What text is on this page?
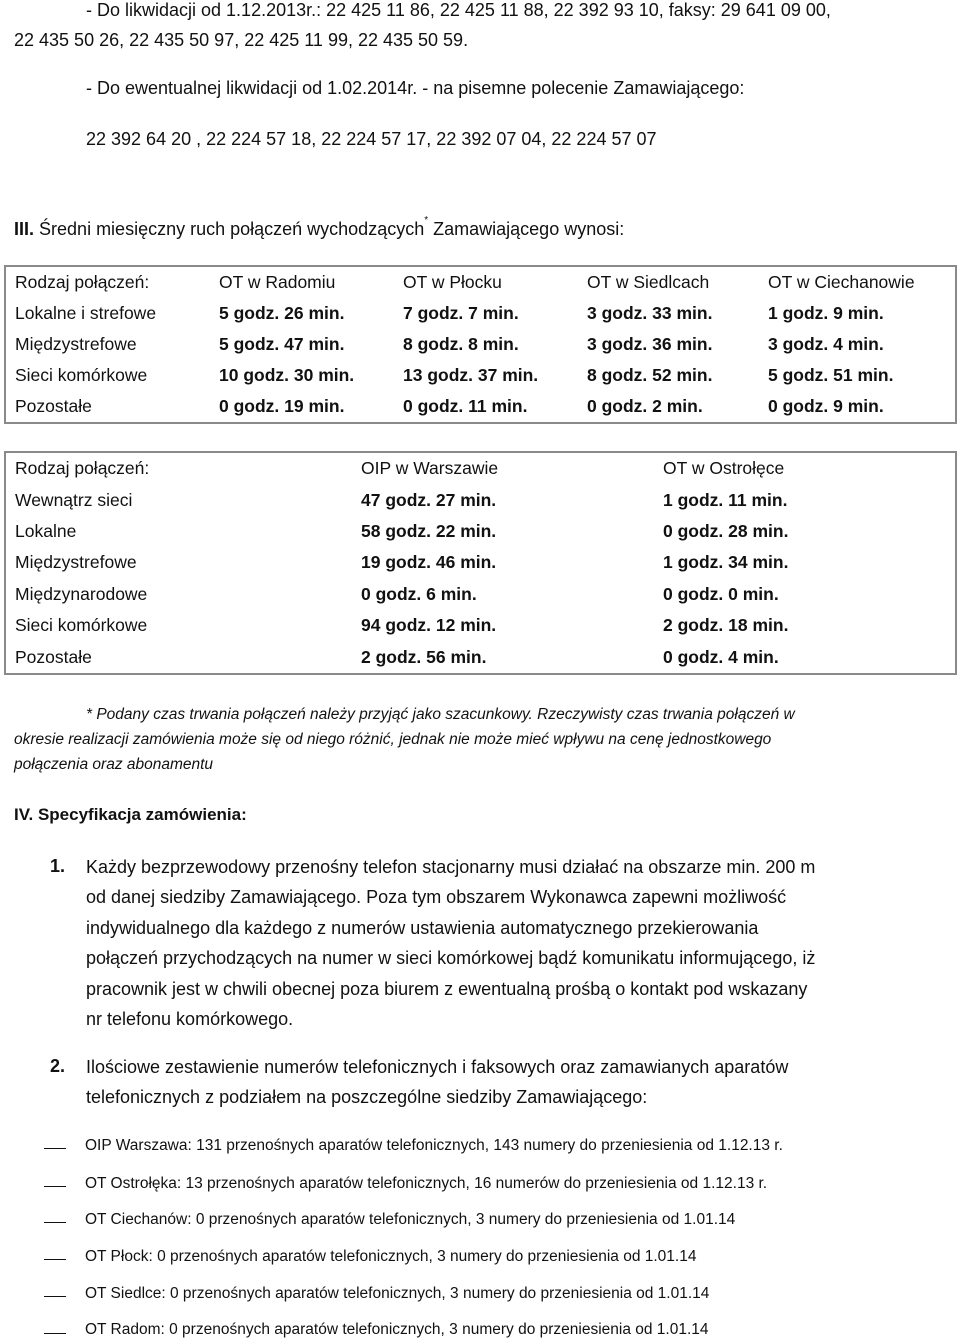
- Do likwidacji od 1.12.2013r.: 22 425 11 86, 22 425 11 88, 22 392 93 10, faksy: 29 641 09 00,
22 435 50 26, 22 435 50 97, 22 425 11 99, 22 435 50 59.
- Do ewentualnej likwidacji od 1.02.2014r. - na pisemne polecenie Zamawiającego:
22 392 64 20 , 22 224 57 18, 22 224 57 17, 22 392 07 04, 22 224 57 07
III. Średni miesięczny ruch połączeń wychodzących* Zamawiającego wynosi:
Rodzaj połączeń:	OT w Radomiu	OT w Płocku	OT w Siedlcach	OT w Ciechanowie
Lokalne i strefowe	5 godz. 26 min.	7 godz. 7 min.	3 godz. 33 min.	1 godz. 9 min.
Międzystrefowe	5 godz. 47 min.	8 godz. 8 min.	3 godz. 36 min.	3 godz. 4 min.
Sieci komórkowe	10 godz. 30 min.	13 godz. 37 min.	8 godz. 52 min.	5 godz. 51 min.
Pozostałe	0 godz. 19 min.	0 godz. 11 min.	0 godz. 2 min.	0 godz. 9 min.
Rodzaj połączeń:	OIP w Warszawie	OT w Ostrołęce
Wewnątrz sieci	47 godz. 27 min.	1 godz. 11 min.
Lokalne	58 godz. 22 min.	0 godz. 28 min.
Międzystrefowe	19 godz. 46 min.	1 godz. 34 min.
Międzynarodowe	0 godz. 6 min.	0 godz. 0 min.
Sieci komórkowe	94 godz. 12 min.	2 godz. 18 min.
Pozostałe	2 godz. 56 min.	0 godz. 4 min.
* Podany czas trwania połączeń należy przyjąć jako szacunkowy. Rzeczywisty czas trwania połączeń w
okresie realizacji zamówienia może się od niego różnić, jednak nie może mieć wpływu na cenę jednostkowego
połączenia oraz abonamentu
IV. Specyfikacja zamówienia:
1. Każdy bezprzewodowy przenośny telefon stacjonarny musi działać na obszarze min. 200 m
od danej siedziby Zamawiającego. Poza tym obszarem Wykonawca zapewni możliwość
indywidualnego dla każdego z numerów ustawienia automatycznego przekierowania
połączeń przychodzących na numer w sieci komórkowej bądź komunikatu informującego, iż
pracownik jest w chwili obecnej poza biurem z ewentualną prośbą o kontakt pod wskazany
nr telefonu komórkowego.
2. Ilościowe zestawienie numerów telefonicznych i faksowych oraz zamawianych aparatów
telefonicznych z podziałem na poszczególne siedziby Zamawiającego:
OIP Warszawa: 131 przenośnych aparatów telefonicznych, 143 numery do przeniesienia od 1.12.13 r.
OT Ostrołęka: 13 przenośnych aparatów telefonicznych, 16 numerów do przeniesienia od 1.12.13 r.
OT Ciechanów: 0 przenośnych aparatów telefonicznych, 3 numery do przeniesienia od 1.01.14
OT Płock: 0 przenośnych aparatów telefonicznych, 3 numery do przeniesienia od 1.01.14
OT Siedlce: 0 przenośnych aparatów telefonicznych, 3 numery do przeniesienia od 1.01.14
OT Radom: 0 przenośnych aparatów telefonicznych, 3 numery do przeniesienia od 1.01.14
